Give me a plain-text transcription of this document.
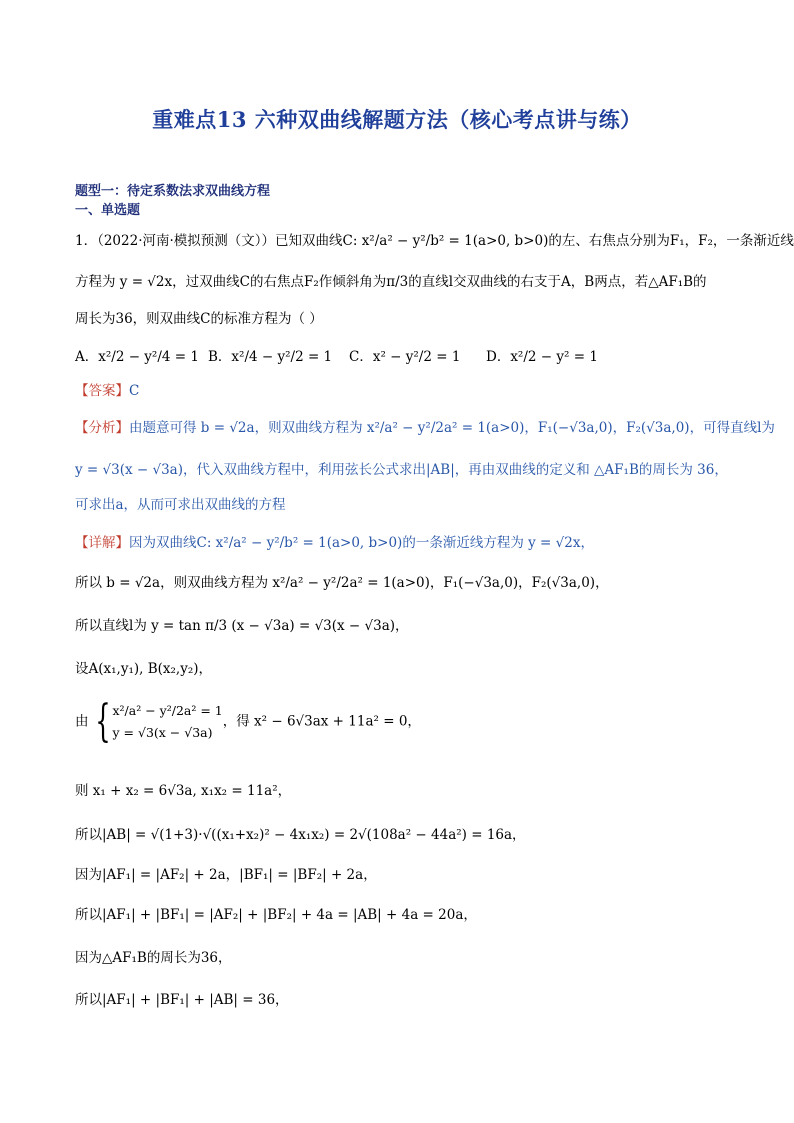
重难点13 六种双曲线解题方法（核心考点讲与练）
题型一：待定系数法求双曲线方程
一、单选题
1．（2022·河南·模拟预测（文））已知双曲线C: x²/a² − y²/b² = 1(a>0, b>0)的左、右焦点分别为F₁，F₂，一条渐近线
方程为 y = √2x，过双曲线C的右焦点F₂作倾斜角为π/3的直线l交双曲线的右支于A，B两点，若△AF₁B的
周长为36，则双曲线C的标准方程为（ ）
A．x²/2 − y²/4 = 1 B．x²/4 − y²/2 = 1 C．x² − y²/2 = 1 D．x²/2 − y² = 1
【答案】C
【分析】由题意可得 b = √2a，则双曲线方程为 x²/a² − y²/2a² = 1(a>0)，F₁(−√3a,0)，F₂(√3a,0)，可得直线l为
y = √3(x − √3a)，代入双曲线方程中，利用弦长公式求出|AB|，再由双曲线的定义和 △AF₁B的周长为 36，
可求出a，从而可求出双曲线的方程
【详解】因为双曲线C: x²/a² − y²/b² = 1(a>0, b>0)的一条渐近线方程为 y = √2x，
所以 b = √2a，则双曲线方程为 x²/a² − y²/2a² = 1(a>0)，F₁(−√3a,0)，F₂(√3a,0)，
所以直线l为 y = tan π/3 (x − √3a) = √3(x − √3a)，
设A(x₁,y₁), B(x₂,y₂)，
由 { x²/a² − y²/2a² = 1
y = √3(x − √3a)
，得 x² − 6√3ax + 11a² = 0，
则 x₁ + x₂ = 6√3a, x₁x₂ = 11a²，
所以|AB| = √(1+3)·√((x₁+x₂)² − 4x₁x₂) = 2√(108a² − 44a²) = 16a，
因为|AF₁| = |AF₂| + 2a，|BF₁| = |BF₂| + 2a，
所以|AF₁| + |BF₁| = |AF₂| + |BF₂| + 4a = |AB| + 4a = 20a，
因为△AF₁B的周长为36，
所以|AF₁| + |BF₁| + |AB| = 36，
